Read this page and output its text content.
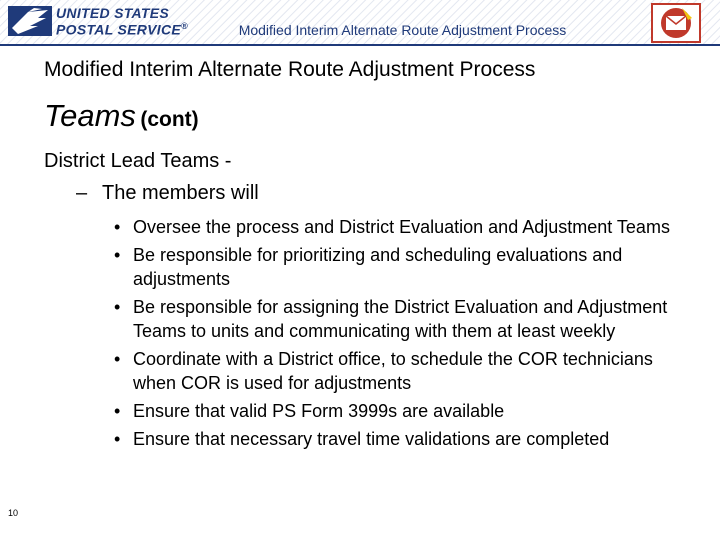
UNITED STATES
POSTAL SERVICE®	Modified Interim Alternate Route Adjustment Process
Modified Interim Alternate Route Adjustment Process
Teams (cont)
District Lead Teams -
– The members will
• Oversee the process and District Evaluation and Adjustment Teams
• Be responsible for prioritizing and scheduling evaluations and adjustments
• Be responsible for assigning the District Evaluation and Adjustment Teams to units and communicating with them at least weekly
• Coordinate with a District office, to schedule the COR technicians when COR is used for adjustments
• Ensure that valid PS Form 3999s are available
• Ensure that necessary travel time validations are completed
10
